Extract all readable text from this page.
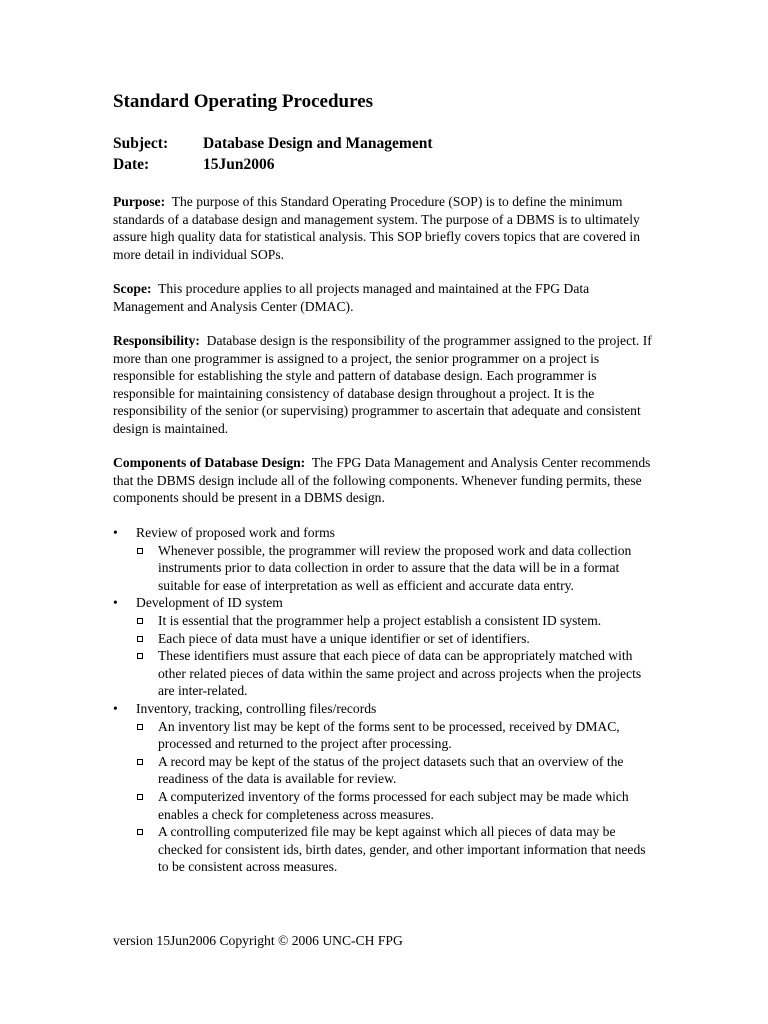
Standard Operating Procedures
Subject: Database Design and Management
Date:	15Jun2006

Purpose: The purpose of this Standard Operating Procedure (SOP) is to define the minimum standards of a database design and management system. The purpose of a DBMS is to ultimately assure high quality data for statistical analysis. This SOP briefly covers topics that are covered in more detail in individual SOPs.

Scope: This procedure applies to all projects managed and maintained at the FPG Data Management and Analysis Center (DMAC).

Responsibility: Database design is the responsibility of the programmer assigned to the project. If more than one programmer is assigned to a project, the senior programmer on a project is responsible for establishing the style and pattern of database design. Each programmer is responsible for maintaining consistency of database design throughout a project. It is the responsibility of the senior (or supervising) programmer to ascertain that adequate and consistent design is maintained.

Components of Database Design: The FPG Data Management and Analysis Center recommends that the DBMS design include all of the following components. Whenever funding permits, these components should be present in a DBMS design.

•	Review of proposed work and forms
Whenever possible, the programmer will review the proposed work and data collection instruments prior to data collection in order to assure that the data will be in a format suitable for ease of interpretation as well as efficient and accurate data entry.
•	Development of ID system
It is essential that the programmer help a project establish a consistent ID system.
Each piece of data must have a unique identifier or set of identifiers.
These identifiers must assure that each piece of data can be appropriately matched with other related pieces of data within the same project and across projects when the projects are inter-related.
•	Inventory, tracking, controlling files/records
An inventory list may be kept of the forms sent to be processed, received by DMAC, processed and returned to the project after processing.
A record may be kept of the status of the project datasets such that an overview of the readiness of the data is available for review.
A computerized inventory of the forms processed for each subject may be made which enables a check for completeness across measures.
A controlling computerized file may be kept against which all pieces of data may be checked for consistent ids, birth dates, gender, and other important information that needs to be consistent across measures.
version 15Jun2006 Copyright © 2006 UNC-CH FPG
